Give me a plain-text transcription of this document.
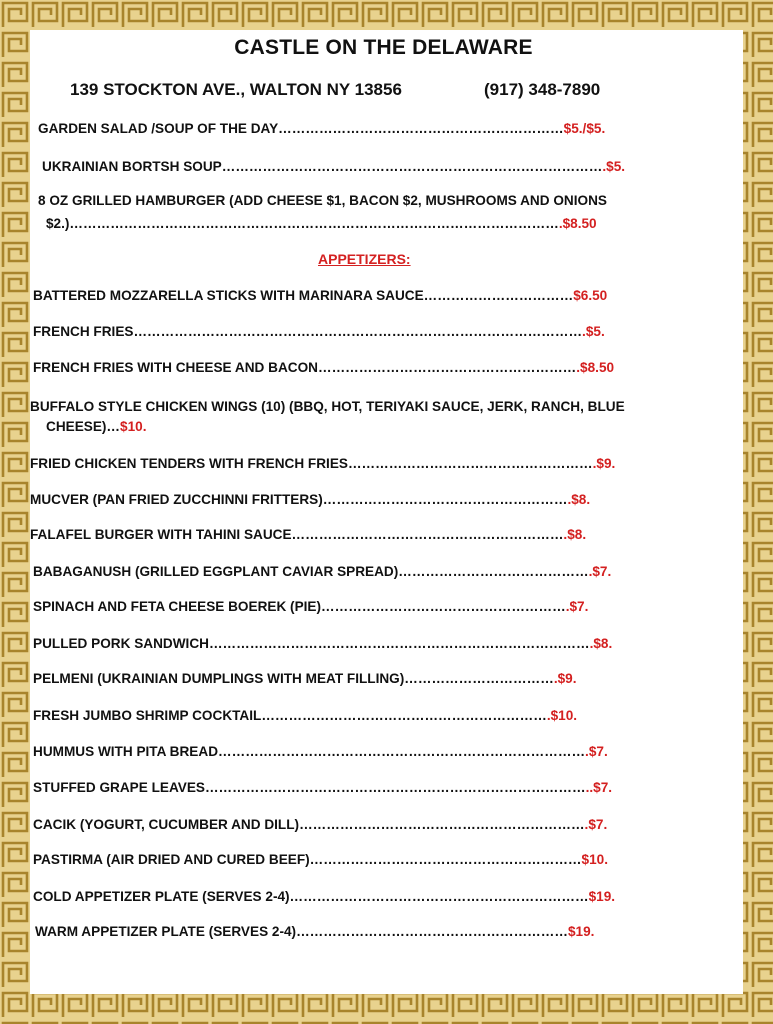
CASTLE ON THE DELAWARE
139 STOCKTON AVE., WALTON NY 13856	(917) 348-7890
GARDEN SALAD /SOUP OF THE DAY………………………………………………………$5./$5.
UKRAINIAN BORTSH SOUP………………………………………………………………………….$5.
8 OZ GRILLED HAMBURGER (ADD CHEESE $1, BACON $2, MUSHROOMS AND ONIONS
$2.)……………………………………………………………………………………………….$8.50
APPETIZERS:
BATTERED MOZZARELLA STICKS WITH MARINARA SAUCE……………………………$6.50
FRENCH FRIES……………………………………………………………………………………….$5.
FRENCH FRIES WITH CHEESE AND BACON………………………………………………….$8.50
BUFFALO STYLE CHICKEN WINGS (10) (BBQ, HOT, TERIYAKI SAUCE, JERK, RANCH, BLUE
CHEESE)…$10.
FRIED CHICKEN TENDERS WITH FRENCH FRIES……………………………………………….$9.
MUCVER (PAN FRIED ZUCCHINNI FRITTERS)……………………………………………….$8.
FALAFEL BURGER WITH TAHINI SAUCE…………………………………………………….$8.
BABAGANUSH (GRILLED EGGPLANT CAVIAR SPREAD)…………………………………….$7.
SPINACH AND FETA CHEESE BOEREK (PIE)……………………………………………….$7.
PULLED PORK SANDWICH………………………………………………………………………….$8.
PELMENI (UKRAINIAN DUMPLINGS WITH MEAT FILLING)…………………………….$9.
FRESH JUMBO SHRIMP COCKTAIL……………………………………………………….$10.
HUMMUS WITH PITA BREAD……………………………………………………………………….$7.
STUFFED GRAPE LEAVES…………………………………………………………………………..$7.
CACIK (YOGURT, CUCUMBER AND DILL)……………………………………………………….$7.
PASTIRMA (AIR DRIED AND CURED BEEF)……………………………………………………$10.
COLD APPETIZER PLATE (SERVES 2-4)…………………………………………………………$19.
WARM APPETIZER PLATE (SERVES 2-4)……………………………………………………$19.
